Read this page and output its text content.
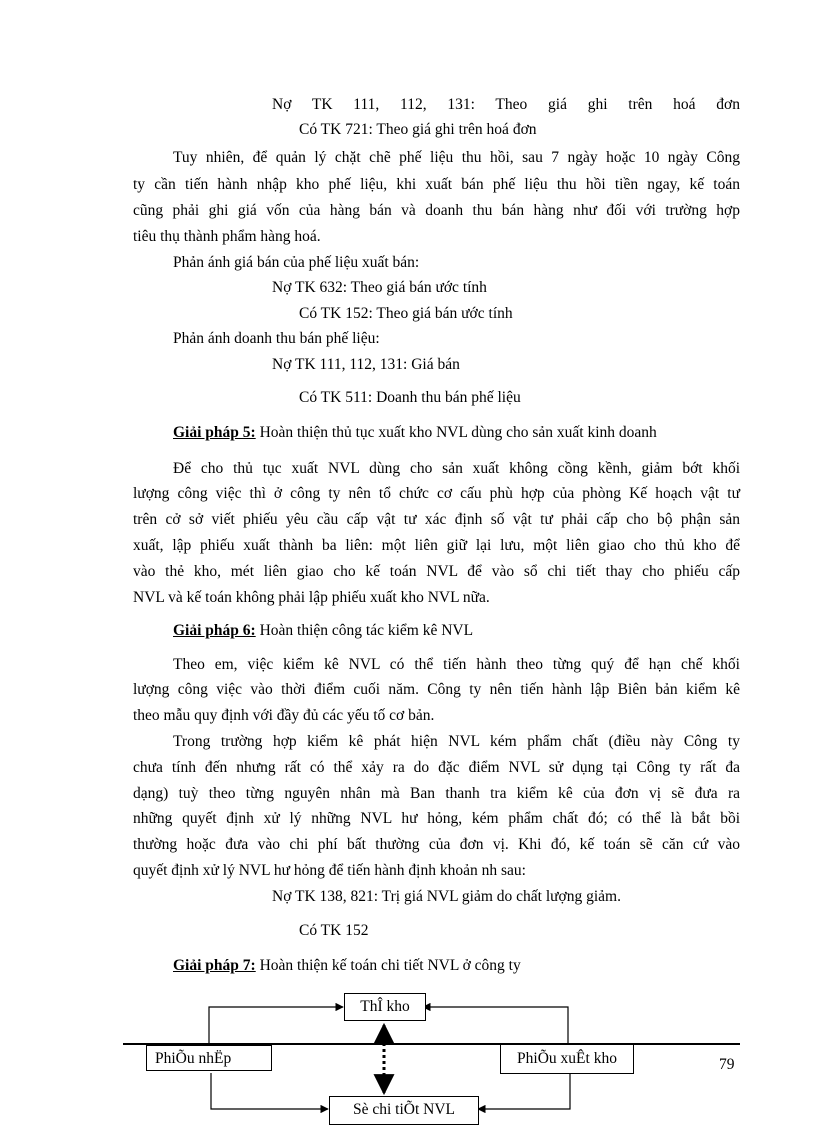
Nợ TK 111, 112, 131: Theo giá ghi trên hoá đơn
Có TK 721: Theo giá ghi trên hoá đơn
Tuy nhiên, để quản lý chặt chẽ phế liệu thu hồi, sau 7 ngày hoặc 10 ngày Công
ty cần tiến hành nhập kho phế liệu, khi xuất bán phế liệu thu hồi tiền ngay, kế toán
cũng phải ghi giá vốn của hàng bán và doanh thu bán hàng như đối với trường hợp
tiêu thụ thành phẩm hàng hoá.
Phản ánh giá bán của phế liệu xuất bán:
Nợ TK 632: Theo giá bán ước tính
Có TK 152: Theo giá bán ước tính
Phản ánh doanh thu bán phế liệu:
Nợ TK 111, 112, 131: Giá bán
Có TK 511: Doanh thu bán phế liệu
Giải pháp 5: Hoàn thiện thủ tục xuất kho NVL dùng cho sản xuất kinh doanh
Để cho thủ tục xuất NVL dùng cho sản xuất không cồng kềnh, giảm bớt khối
lượng công việc thì ở công ty nên tổ chức cơ cấu phù hợp của phòng Kế hoạch vật tư
trên cở sở viết phiếu yêu cầu cấp vật tư xác định số vật tư phải cấp cho bộ phận sản
xuất, lập phiếu xuất thành ba liên: một liên giữ lại lưu, một liên giao cho thủ kho để
vào thẻ kho, mét liên giao cho kế toán NVL để vào sổ chi tiết thay cho phiếu cấp
NVL và kế toán không phải lập phiếu xuất kho NVL nữa.
Giải pháp 6: Hoàn thiện công tác kiểm kê NVL
Theo em, việc kiểm kê NVL có thể tiến hành theo từng quý để hạn chế khối
lượng công việc vào thời điểm cuối năm. Công ty nên tiến hành lập Biên bản kiểm kê
theo mẫu quy định với đầy đủ các yếu tố cơ bản.
Trong trường hợp kiểm kê phát hiện NVL kém phẩm chất (điều này Công ty
chưa tính đến nhưng rất có thể xảy ra do đặc điểm NVL sử dụng tại Công ty rất đa
dạng) tuỳ theo từng nguyên nhân mà Ban thanh tra kiểm kê của đơn vị sẽ đưa ra
những quyết định xử lý những NVL hư hỏng, kém phẩm chất đó; có thể là bắt bồi
thường hoặc đưa vào chi phí bất thường của đơn vị. Khi đó, kế toán sẽ căn cứ vào
quyết định xử lý NVL hư hỏng để tiến hành định khoản nh sau:
Nợ TK 138, 821: Trị giá NVL giảm do chất lượng giảm.
Có TK 152
Giải pháp 7: Hoàn thiện kế toán chi tiết NVL ở công ty
ThÎ kho
PhiÕu nhËp	PhiÕu xuÊt kho
Sè chi tiÕt NVL
79
